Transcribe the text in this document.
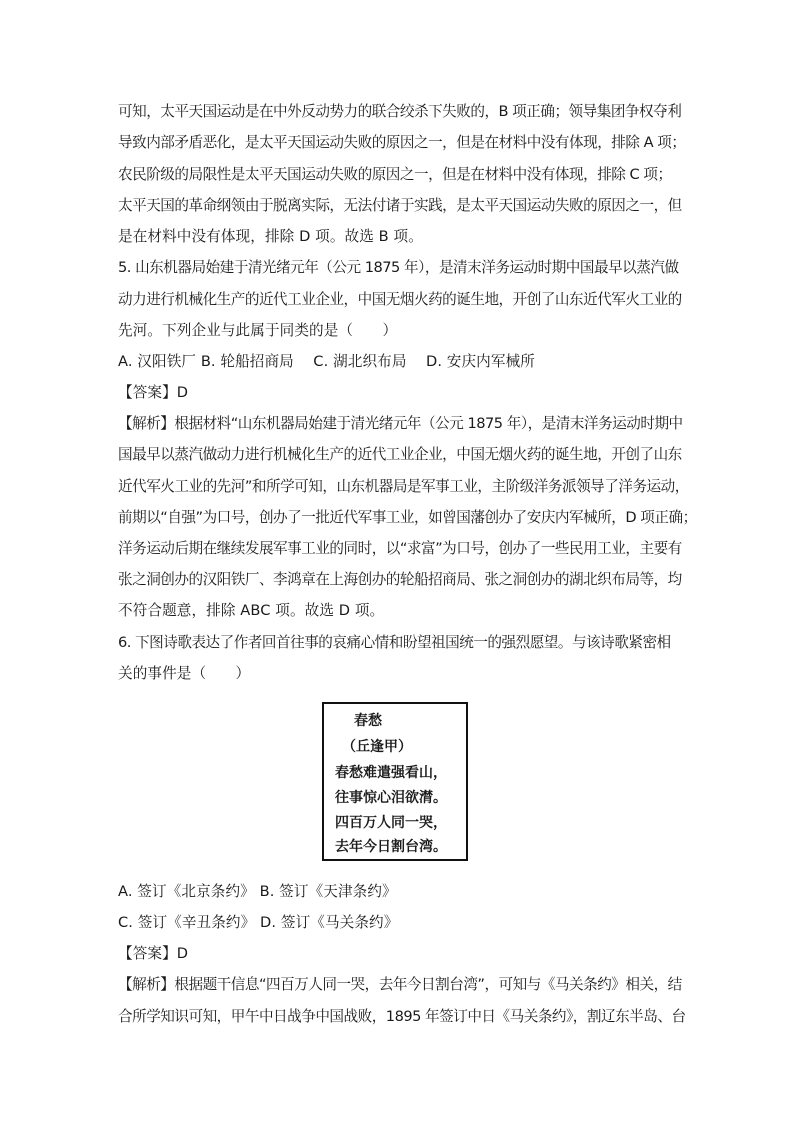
可知，太平天国运动是在中外反动势力的联合绞杀下失败的，B 项正确；领导集团争权夺利
导致内部矛盾恶化，是太平天国运动失败的原因之一，但是在材料中没有体现，排除 A 项；
农民阶级的局限性是太平天国运动失败的原因之一，但是在材料中没有体现，排除 C 项；
太平天国的革命纲领由于脱离实际，无法付诸于实践，是太平天国运动失败的原因之一，但
是在材料中没有体现，排除 D 项。故选 B 项。
5. 山东机器局始建于清光绪元年（公元 1875 年），是清末洋务运动时期中国最早以蒸汽做
动力进行机械化生产的近代工业企业，中国无烟火药的诞生地，开创了山东近代军火工业的
先河。下列企业与此属于同类的是（　　）
A. 汉阳铁厂 B. 轮船招商局　 C. 湖北织布局　 D. 安庆内军械所
【答案】D
【解析】根据材料“山东机器局始建于清光绪元年（公元 1875 年），是清末洋务运动时期中
国最早以蒸汽做动力进行机械化生产的近代工业企业，中国无烟火药的诞生地，开创了山东
近代军火工业的先河”和所学可知，山东机器局是军事工业，主阶级洋务派领导了洋务运动，
前期以“自强”为口号，创办了一批近代军事工业，如曾国藩创办了安庆内军械所，D 项正确；
洋务运动后期在继续发展军事工业的同时，以“求富”为口号，创办了一些民用工业，主要有
张之洞创办的汉阳铁厂、李鸿章在上海创办的轮船招商局、张之洞创办的湖北织布局等，均
不符合题意，排除 ABC 项。故选 D 项。
6. 下图诗歌表达了作者回首往事的哀痛心情和盼望祖国统一的强烈愿望。与该诗歌紧密相
关的事件是（　　）
春愁
（丘逢甲）
春愁难遣强看山，
往事惊心泪欲潸。
四百万人同一哭，
去年今日割台湾。
A. 签订《北京条约》 B. 签订《天津条约》
C. 签订《辛丑条约》 D. 签订《马关条约》
【答案】D
【解析】根据题干信息“四百万人同一哭，去年今日割台湾”，可知与《马关条约》相关，结
合所学知识可知，甲午中日战争中国战败，1895 年签订中日《马关条约》，割辽东半岛、台
